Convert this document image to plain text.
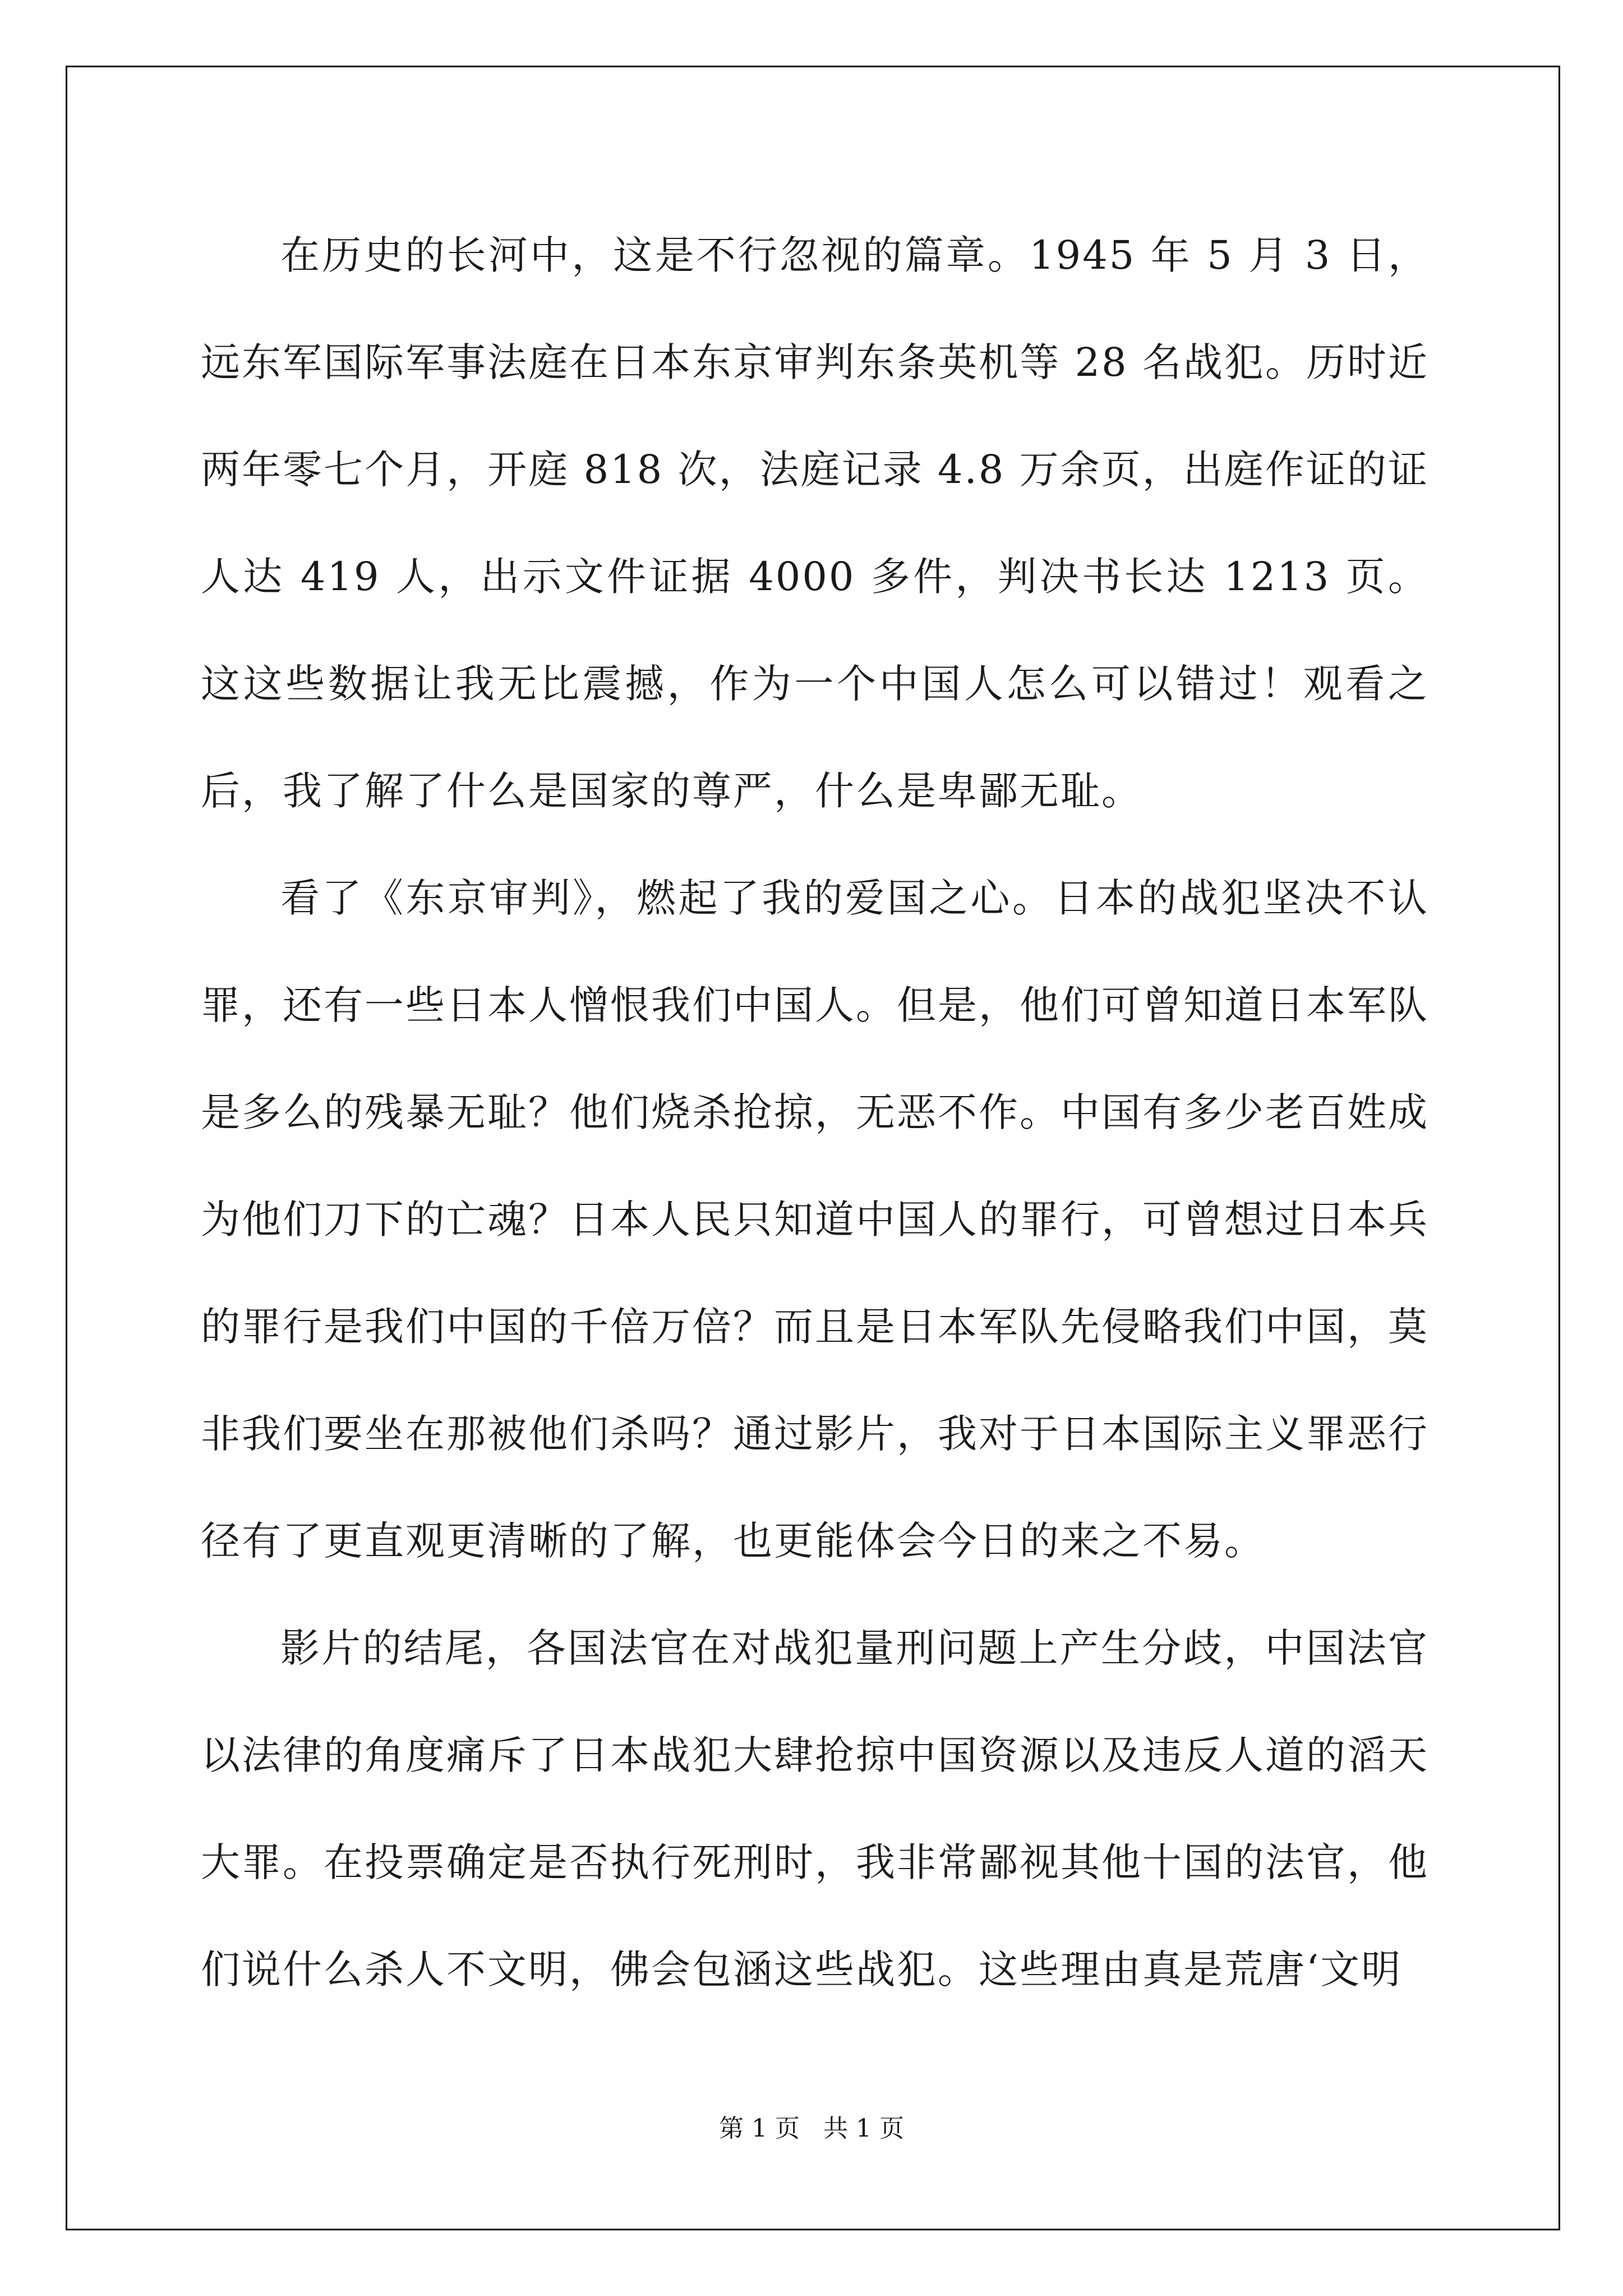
在历史的长河中，这是不行忽视的篇章。1945 年 5 月 3 日，远东军国际军事法庭在日本东京审判东条英机等 28 名战犯。历时近两年零七个月，开庭 818 次，法庭记录 4.8 万余页，出庭作证的证人达 419 人，出示文件证据 4000 多件，判决书长达 1213 页。这这些数据让我无比震撼，作为一个中国人怎么可以错过！观看之后，我了解了什么是国家的尊严，什么是卑鄙无耻。

看了《东京审判》，燃起了我的爱国之心。日本的战犯坚决不认罪，还有一些日本人憎恨我们中国人。但是，他们可曾知道日本军队是多么的残暴无耻？他们烧杀抢掠，无恶不作。中国有多少老百姓成为他们刀下的亡魂？日本人民只知道中国人的罪行，可曾想过日本兵的罪行是我们中国的千倍万倍？而且是日本军队先侵略我们中国，莫非我们要坐在那被他们杀吗？通过影片，我对于日本国际主义罪恶行径有了更直观更清晰的了解，也更能体会今日的来之不易。

影片的结尾，各国法官在对战犯量刑问题上产生分歧，中国法官以法律的角度痛斥了日本战犯大肆抢掠中国资源以及违反人道的滔天大罪。在投票确定是否执行死刑时，我非常鄙视其他十国的法官，他们说什么杀人不文明，佛会包涵这些战犯。这些理由真是荒唐‘文明

第 1 页   共 1 页
